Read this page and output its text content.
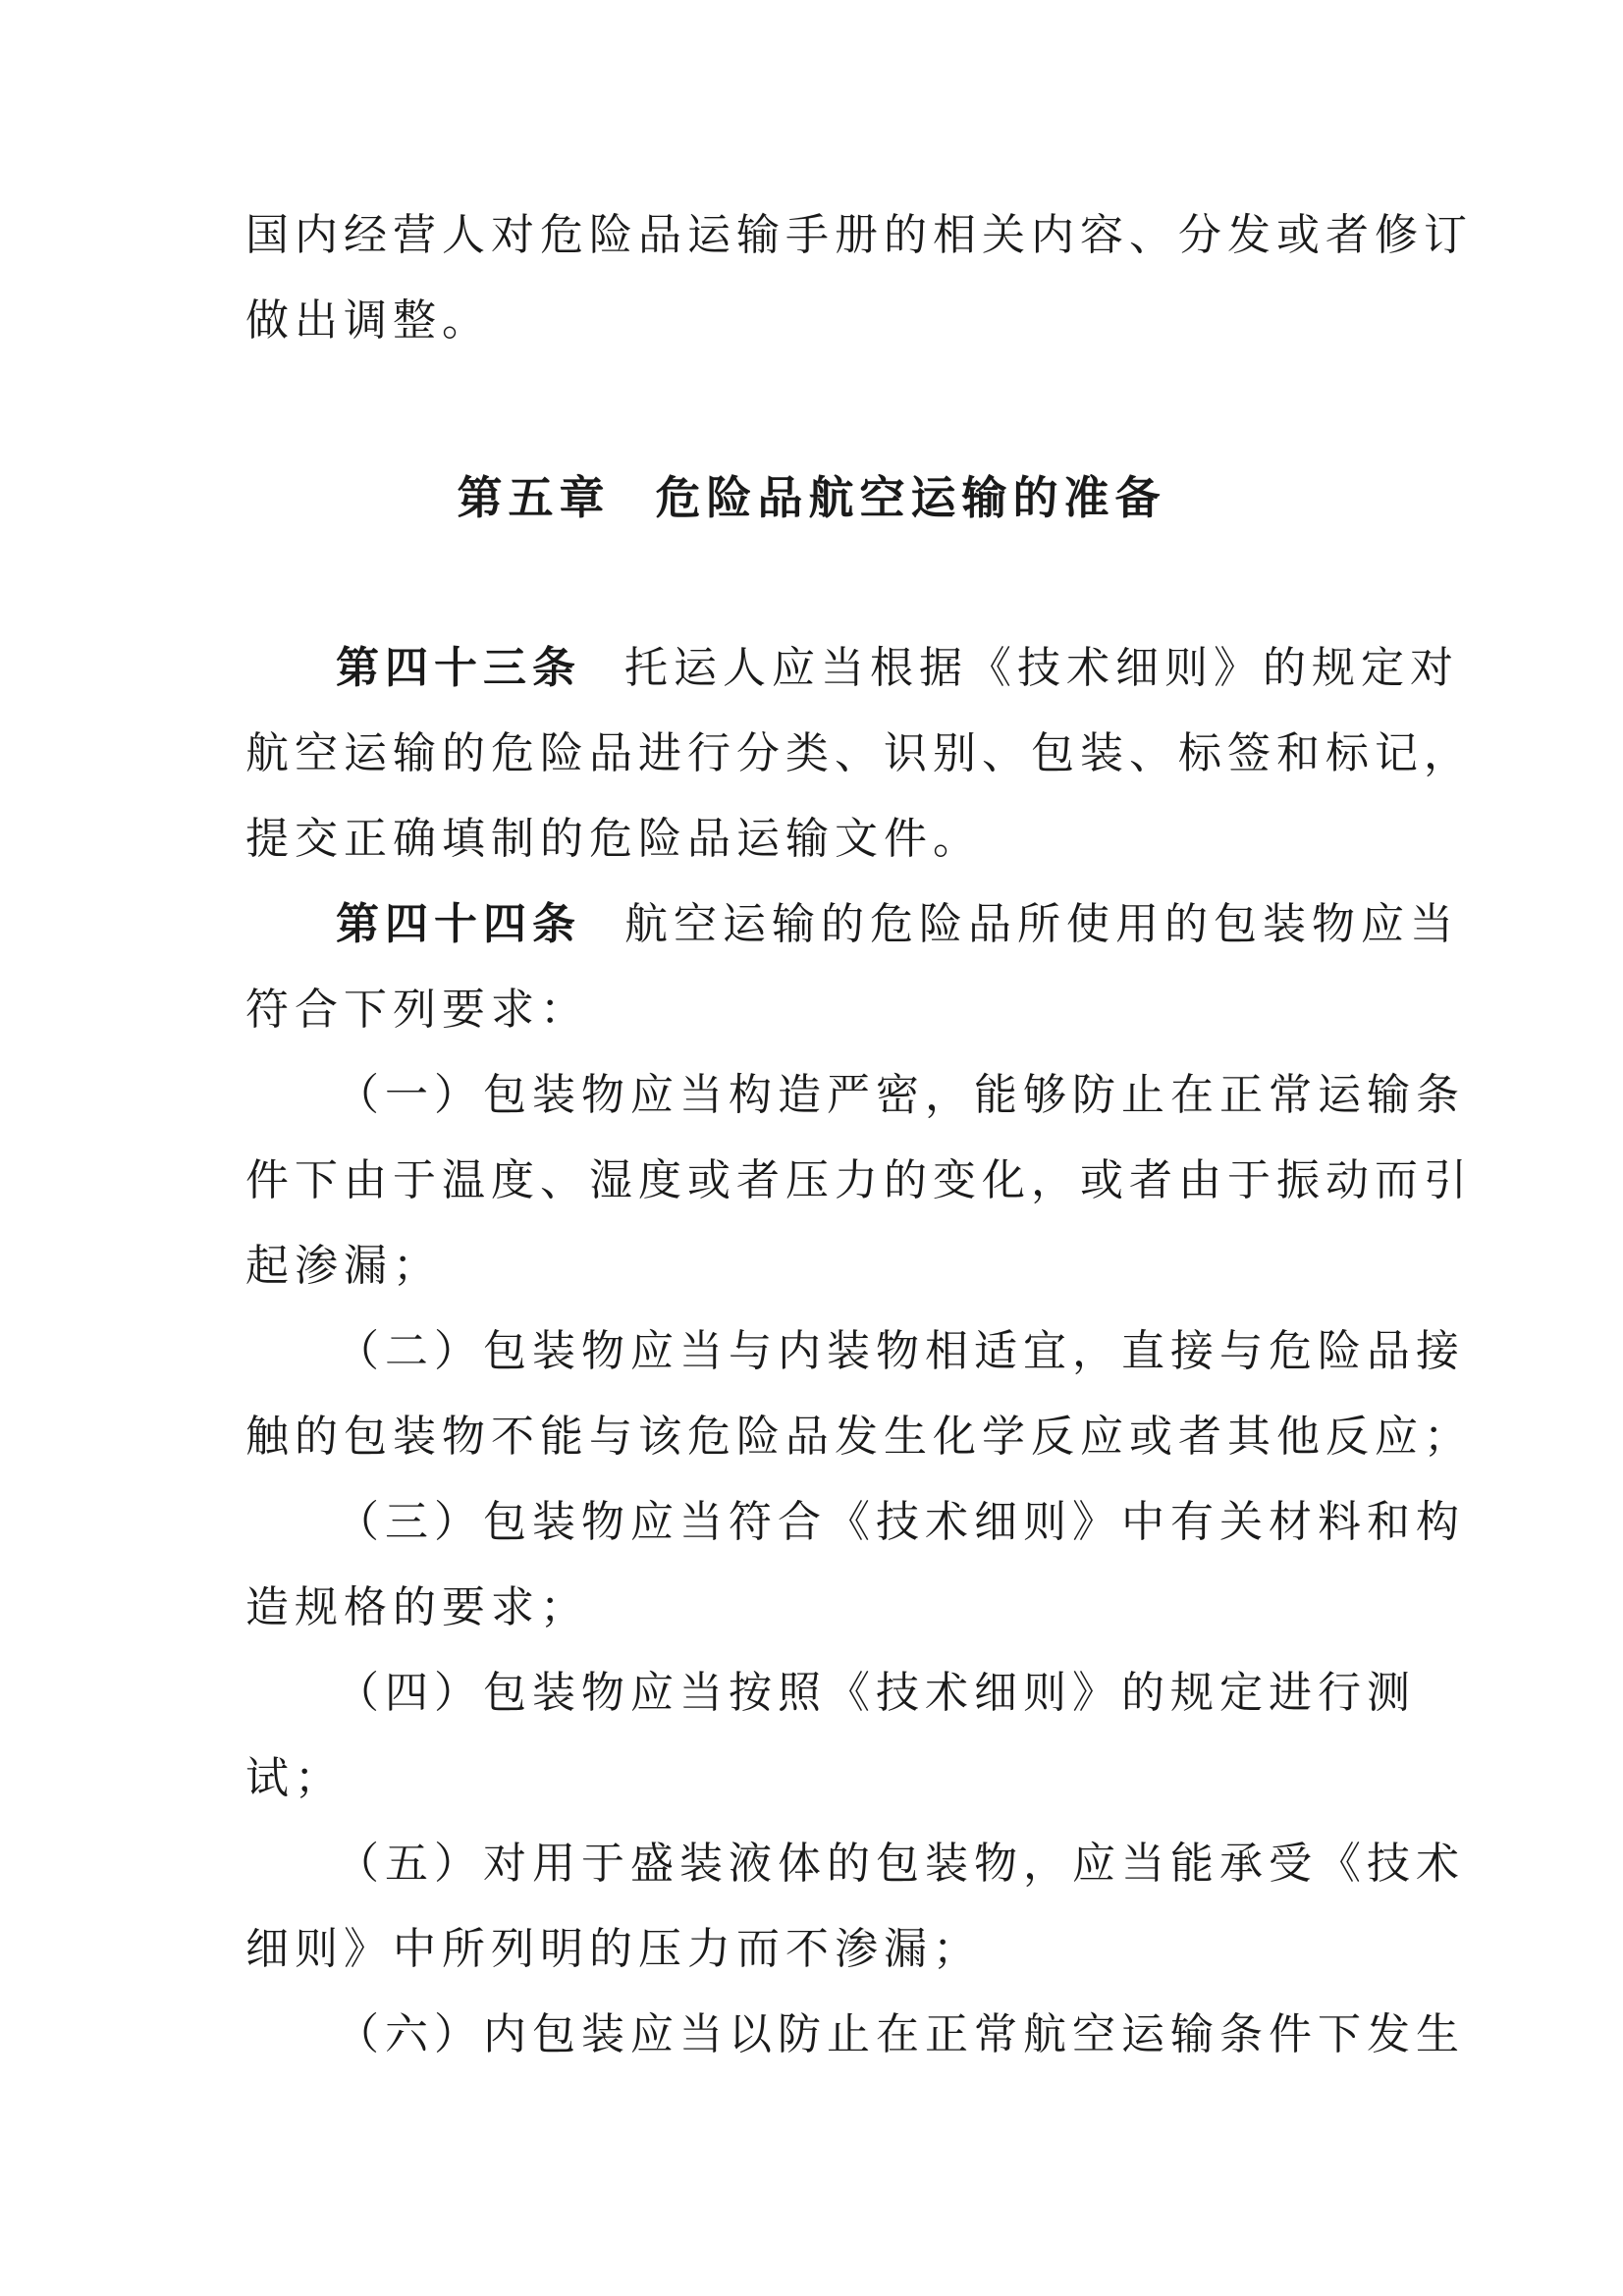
国内经营人对危险品运输手册的相关内容、分发或者修订
做出调整。
第五章 危险品航空运输的准备
第四十三条 托运人应当根据《技术细则》的规定对
航空运输的危险品进行分类、识别、包装、标签和标记，
提交正确填制的危险品运输文件。
第四十四条 航空运输的危险品所使用的包装物应当
符合下列要求：
（一）包装物应当构造严密，能够防止在正常运输条
件下由于温度、湿度或者压力的变化，或者由于振动而引
起渗漏；
（二）包装物应当与内装物相适宜，直接与危险品接
触的包装物不能与该危险品发生化学反应或者其他反应；
（三）包装物应当符合《技术细则》中有关材料和构
造规格的要求；
（四）包装物应当按照《技术细则》的规定进行测
试；
（五）对用于盛装液体的包装物，应当能承受《技术
细则》中所列明的压力而不渗漏；
（六）内包装应当以防止在正常航空运输条件下发生
